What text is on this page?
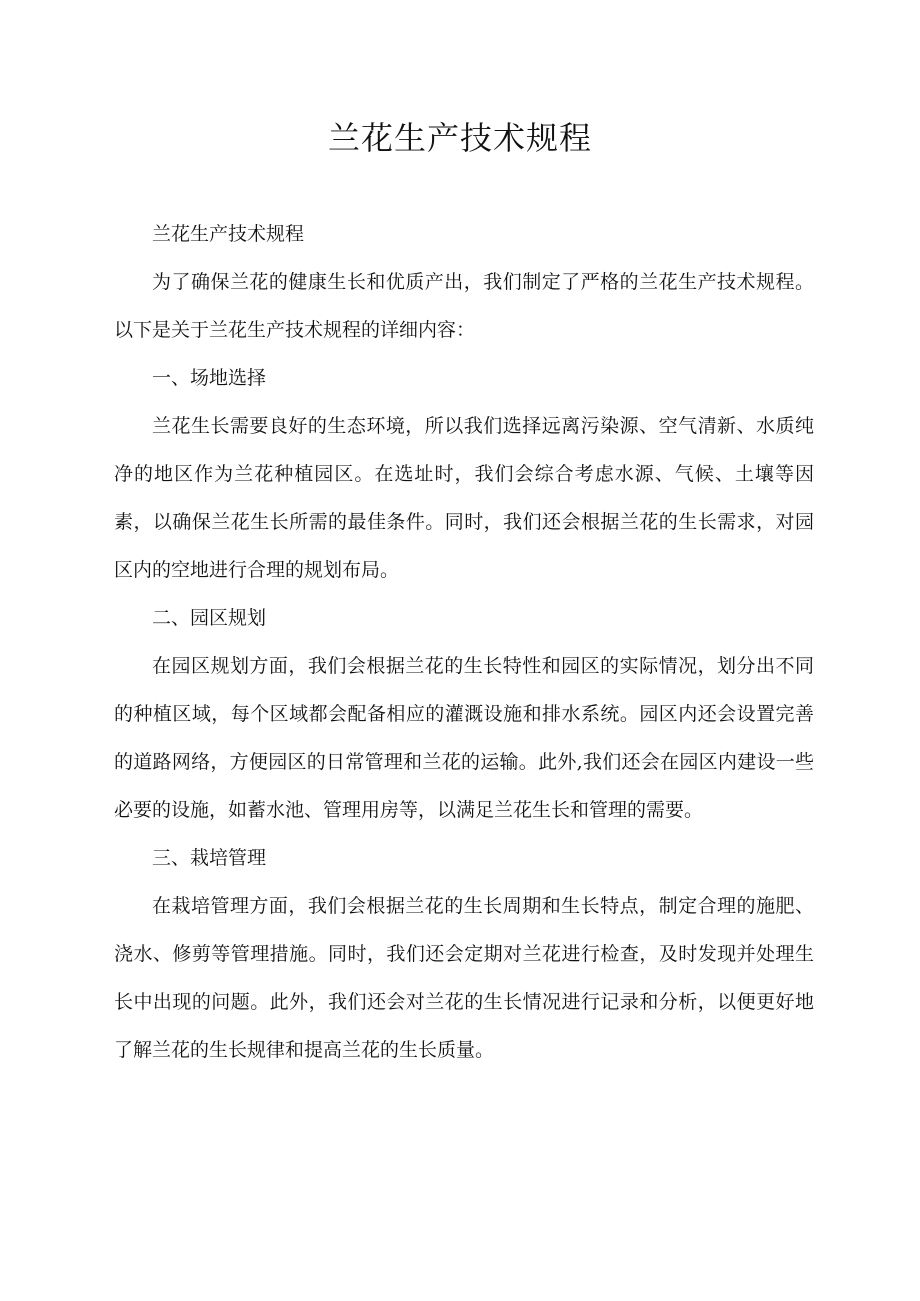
兰花生产技术规程

兰花生产技术规程

为了确保兰花的健康生长和优质产出，我们制定了严格的兰花生产技术规程。以下是关于兰花生产技术规程的详细内容：

一、场地选择

兰花生长需要良好的生态环境，所以我们选择远离污染源、空气清新、水质纯净的地区作为兰花种植园区。在选址时，我们会综合考虑水源、气候、土壤等因素，以确保兰花生长所需的最佳条件。同时，我们还会根据兰花的生长需求，对园区内的空地进行合理的规划布局。

二、园区规划

在园区规划方面，我们会根据兰花的生长特性和园区的实际情况，划分出不同的种植区域，每个区域都会配备相应的灌溉设施和排水系统。园区内还会设置完善的道路网络，方便园区的日常管理和兰花的运输。此外,我们还会在园区内建设一些必要的设施，如蓄水池、管理用房等，以满足兰花生长和管理的需要。

三、栽培管理

在栽培管理方面，我们会根据兰花的生长周期和生长特点，制定合理的施肥、浇水、修剪等管理措施。同时，我们还会定期对兰花进行检查，及时发现并处理生长中出现的问题。此外，我们还会对兰花的生长情况进行记录和分析，以便更好地了解兰花的生长规律和提高兰花的生长质量。
